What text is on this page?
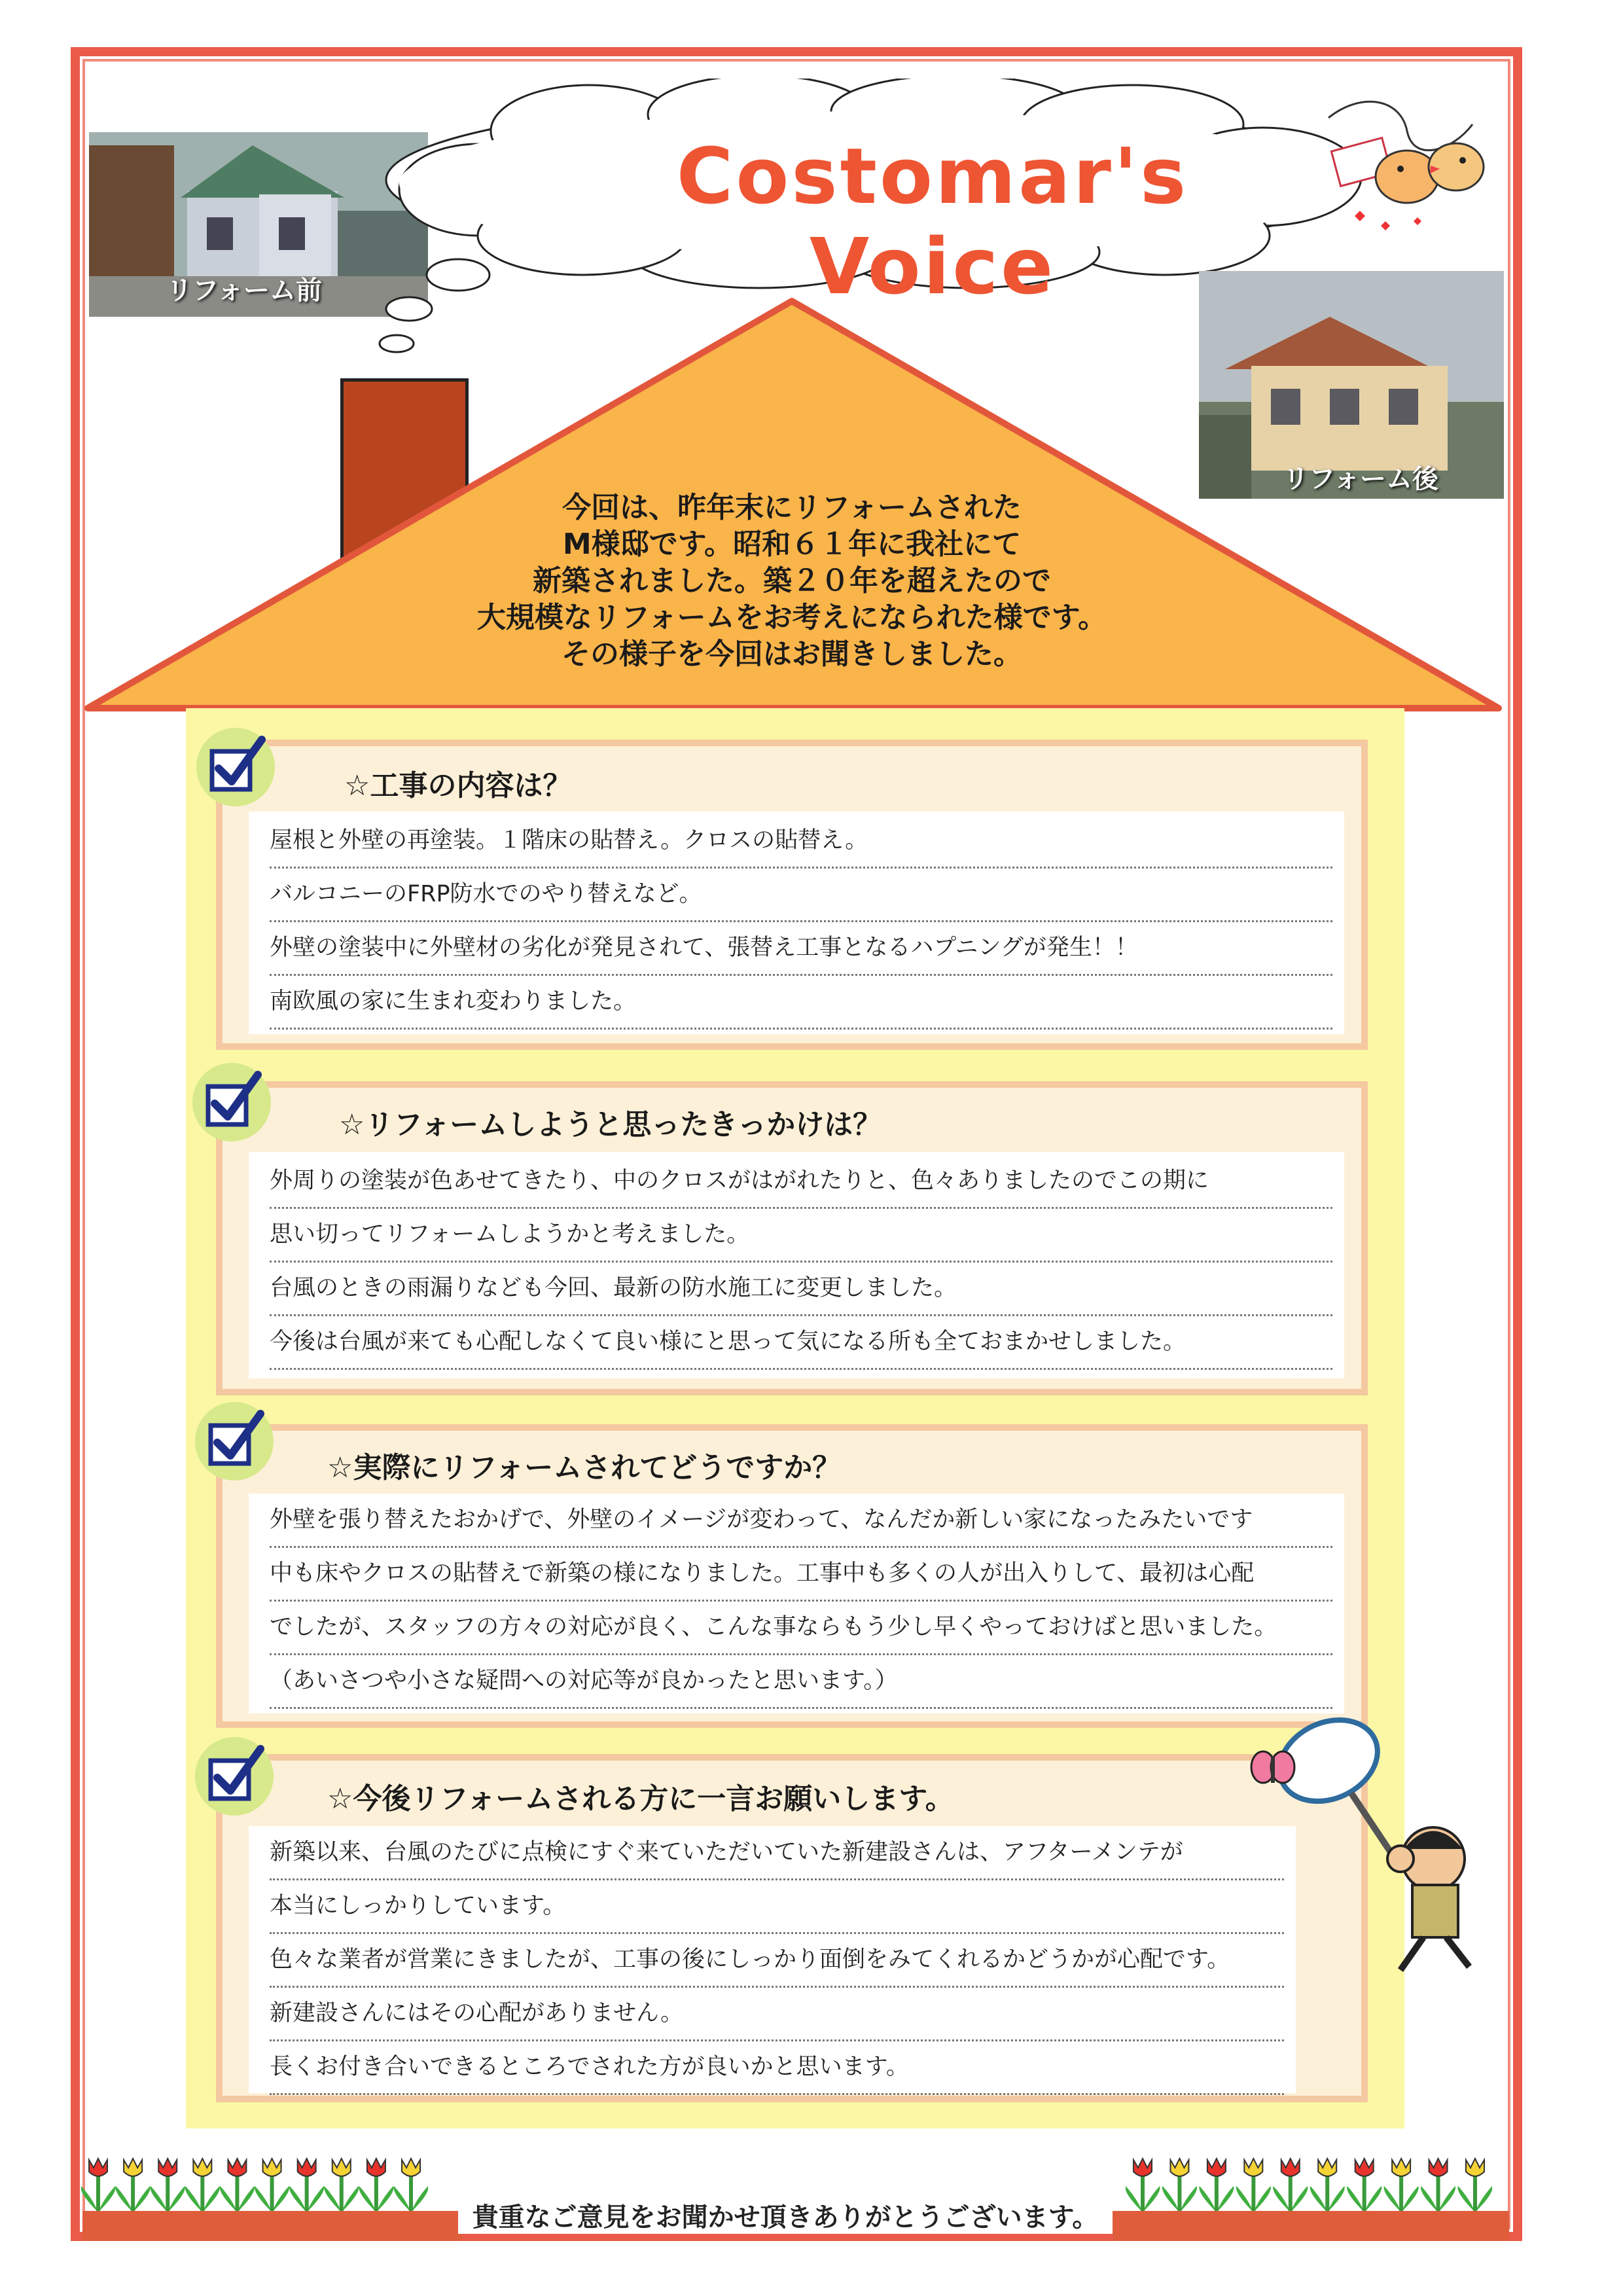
リフォーム前
Costomar's Voice
リフォーム後
今回は、昨年末にリフォームされた
M様邸です。昭和６１年に我社にて
新築されました。築２０年を超えたので
大規模なリフォームをお考えになられた様です。
その様子を今回はお聞きしました。
☆工事の内容は？
屋根と外壁の再塗装。１階床の貼替え。クロスの貼替え。
バルコニーのFRP防水でのやり替えなど。
外壁の塗装中に外壁材の劣化が発見されて、張替え工事となるハプニングが発生！！
南欧風の家に生まれ変わりました。
☆リフォームしようと思ったきっかけは？
外周りの塗装が色あせてきたり、中のクロスがはがれたりと、色々ありましたのでこの期に
思い切ってリフォームしようかと考えました。
台風のときの雨漏りなども今回、最新の防水施工に変更しました。
今後は台風が来ても心配しなくて良い様にと思って気になる所も全ておまかせしました。
☆実際にリフォームされてどうですか？
外壁を張り替えたおかげで、外壁のイメージが変わって、なんだか新しい家になったみたいです
中も床やクロスの貼替えで新築の様になりました。工事中も多くの人が出入りして、最初は心配
でしたが、スタッフの方々の対応が良く、こんな事ならもう少し早くやっておけばと思いました。
（あいさつや小さな疑問への対応等が良かったと思います。）
☆今後リフォームされる方に一言お願いします。
新築以来、台風のたびに点検にすぐ来ていただいていた新建設さんは、アフターメンテが
本当にしっかりしています。
色々な業者が営業にきましたが、工事の後にしっかり面倒をみてくれるかどうかが心配です。
新建設さんにはその心配がありません。
長くお付き合いできるところでされた方が良いかと思います。
貴重なご意見をお聞かせ頂きありがとうございます。
